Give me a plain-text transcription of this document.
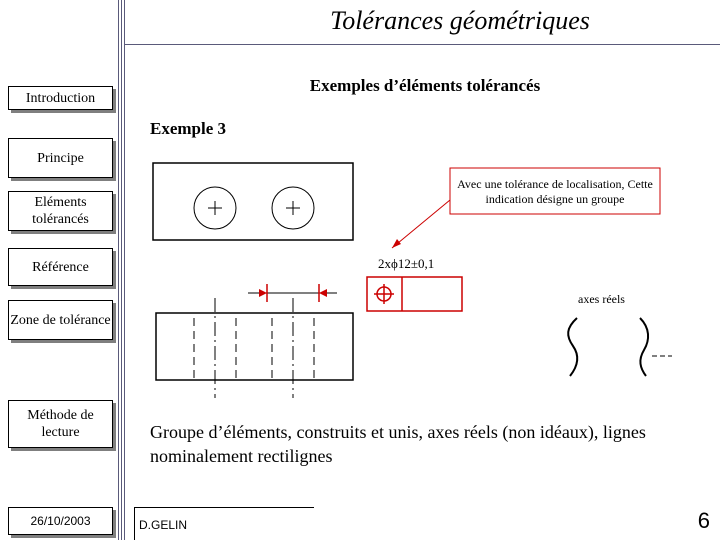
Tolérances géométriques
Exemples d’éléments tolérancés
Exemple 3
Introduction
Principe
Eléments tolérancés
Référence
Zone de tolérance
Méthode de lecture
Avec une tolérance de localisation, Cette indication désigne un groupe
2xϕ12±0,1
axes réels
Groupe d’éléments, construits et unis, axes réels (non idéaux), lignes nominalement rectilignes
26/10/2003	D.GELIN	6
